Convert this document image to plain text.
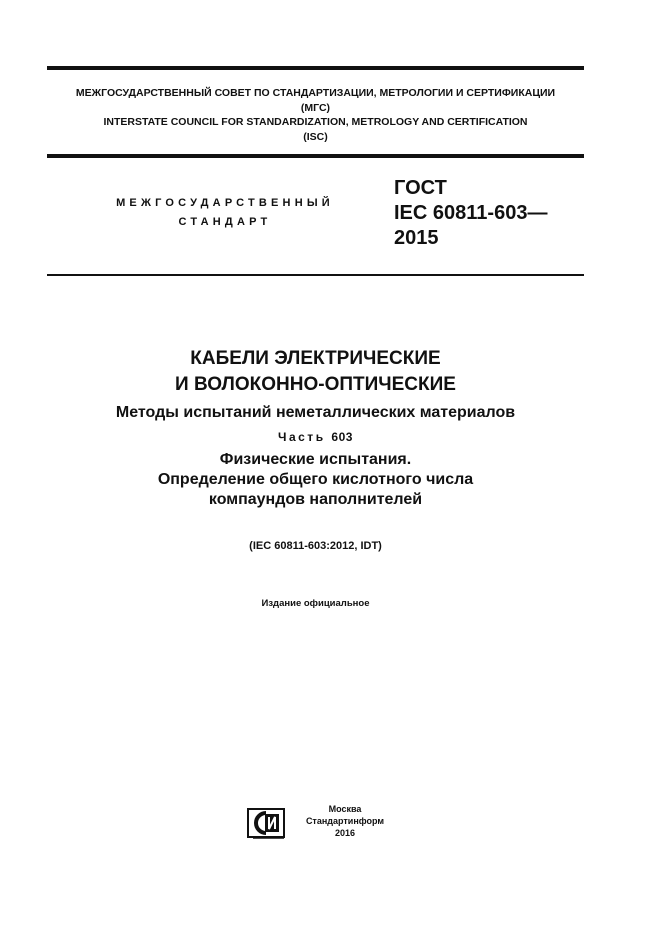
МЕЖГОСУДАРСТВЕННЫЙ СОВЕТ ПО СТАНДАРТИЗАЦИИ, МЕТРОЛОГИИ И СЕРТИФИКАЦИИ
(МГС)
INTERSTATE COUNCIL FOR STANDARDIZATION, METROLOGY AND CERTIFICATION
(ISC)
МЕЖГОСУДАРСТВЕННЫЙ
СТАНДАРТ
ГОСТ
IEC 60811-603—
2015
КАБЕЛИ ЭЛЕКТРИЧЕСКИЕ
И ВОЛОКОННО-ОПТИЧЕСКИЕ
Методы испытаний неметаллических материалов
Часть 603
Физические испытания.
Определение общего кислотного числа
компаундов наполнителей
(IEC 60811-603:2012, IDT)
Издание официальное
Москва
Стандартинформ
2016
